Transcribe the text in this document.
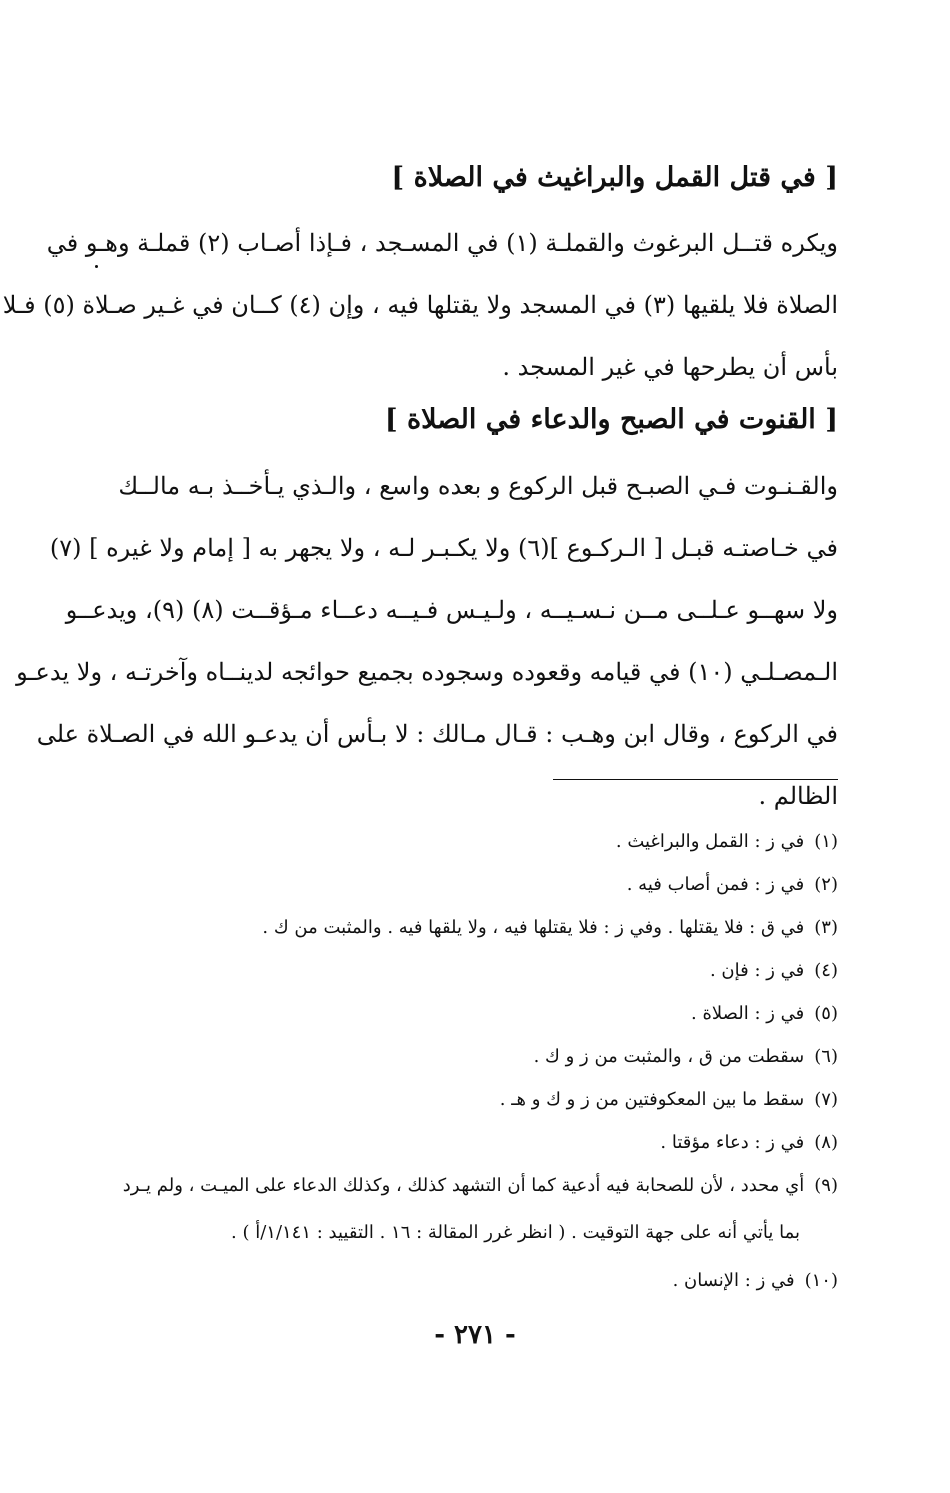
[ في قتل القمل والبراغيث في الصلاة ]
ويكره قتــل البرغوث والقملـة (١) في المسـجد ، فـإذا أصـاب (٢) قملـة وهـو في
الصلاة فلا يلقيها (٣) في المسجد ولا يقتلها فيه ، وإن (٤) كــان في غـير صـلاة (٥) فـلا
بأس أن يطرحها في غير المسجد .
[ القنوت في الصبح والدعاء في الصلاة ]
والقـنـوت فـي الصبـح قبل الركوع و بعده واسع ، والـذي يـأخــذ بـه مالــك
في خـاصتـه قبـل [ الـركـوع ](٦) ولا يكـبـر لـه ، ولا يجهر به [ إمام ولا غيره ] (٧)
ولا سهــو عـلــى مــن نـسـيــه ، ولـيـس فـيــه دعــاء مـؤقــت (٨) (٩)، ويدعــو
الـمصـلـي (١٠) في قيامه وقعوده وسجوده بجميع حوائجه لدينــاه وآخرتـه ، ولا يدعـو
في الركوع ، وقال ابن وهـب : قـال مـالك : لا بـأس أن يدعـو الله في الصـلاة على
الظالم .
(١)في ز : القمل والبراغيث .
(٢)في ز : فمن أصاب فيه .
(٣)في ق : فلا يقتلها . وفي ز : فلا يقتلها فيه ، ولا يلقها فيه . والمثبت من ك .
(٤)في ز : فإن .
(٥)في ز : الصلاة .
(٦)سقطت من ق ، والمثبت من ز و ك .
(٧)سقط ما بين المعكوفتين من ز و ك و هـ .
(٨)في ز : دعاء مؤقتا .
(٩)أي محدد ، لأن للصحابة فيه أدعية كما أن التشهد كذلك ، وكذلك الدعاء على الميـت ، ولم يـرد
بما يأتي أنه على جهة التوقيت . ( انظر غرر المقالة : ١٦ . التقييد : ١/١٤١/أ ) .
(١٠)في ز : الإنسان .
- ٢٧١ -
